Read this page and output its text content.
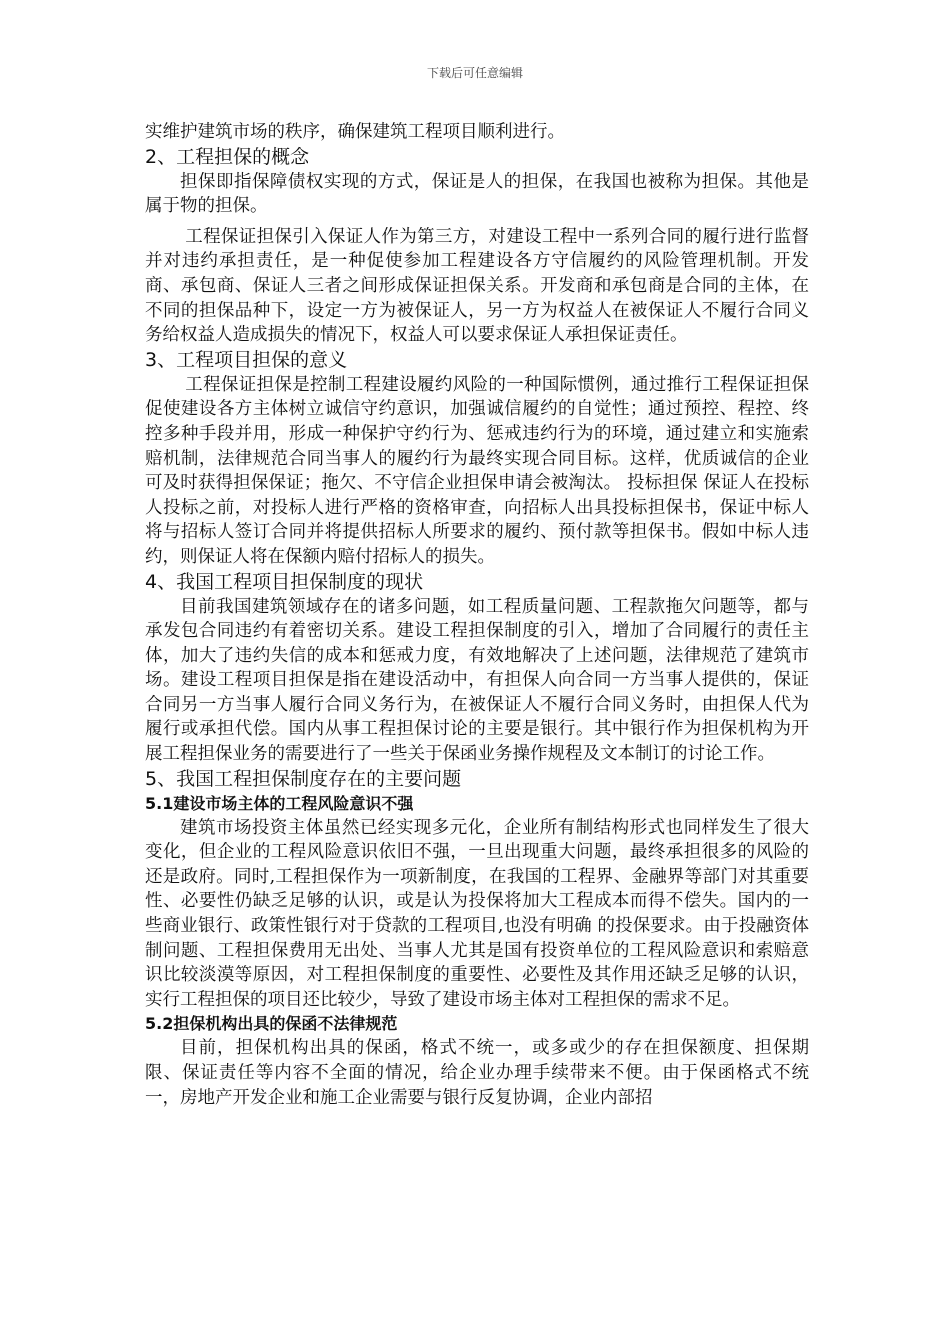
下载后可任意编辑

实维护建筑市场的秩序，确保建筑工程项目顺利进行。

2、工程担保的概念

担保即指保障债权实现的方式，保证是人的担保，在我国也被称为担保。其他是属于物的担保。

工程保证担保引入保证人作为第三方，对建设工程中一系列合同的履行进行监督并对违约承担责任，是一种促使参加工程建设各方守信履约的风险管理机制。开发商、承包商、保证人三者之间形成保证担保关系。开发商和承包商是合同的主体，在不同的担保品种下，设定一方为被保证人，另一方为权益人在被保证人不履行合同义务给权益人造成损失的情况下，权益人可以要求保证人承担保证责任。

3、工程项目担保的意义

工程保证担保是控制工程建设履约风险的一种国际惯例，通过推行工程保证担保促使建设各方主体树立诚信守约意识，加强诚信履约的自觉性；通过预控、程控、终控多种手段并用，形成一种保护守约行为、惩戒违约行为的环境，通过建立和实施索赔机制，法律规范合同当事人的履约行为最终实现合同目标。这样，优质诚信的企业可及时获得担保保证；拖欠、不守信企业担保申请会被淘汰。 投标担保 保证人在投标人投标之前，对投标人进行严格的资格审查，向招标人出具投标担保书，保证中标人将与招标人签订合同并将提供招标人所要求的履约、预付款等担保书。假如中标人违约，则保证人将在保额内赔付招标人的损失。

4、我国工程项目担保制度的现状

目前我国建筑领域存在的诸多问题，如工程质量问题、工程款拖欠问题等，都与承发包合同违约有着密切关系。建设工程担保制度的引入，增加了合同履行的责任主体，加大了违约失信的成本和惩戒力度，有效地解决了上述问题，法律规范了建筑市场。建设工程项目担保是指在建设活动中，有担保人向合同一方当事人提供的，保证合同另一方当事人履行合同义务行为，在被保证人不履行合同义务时，由担保人代为履行或承担代偿。国内从事工程担保讨论的主要是银行。其中银行作为担保机构为开展工程担保业务的需要进行了一些关于保函业务操作规程及文本制订的讨论工作。

5、我国工程担保制度存在的主要问题
5.1建设市场主体的工程风险意识不强

建筑市场投资主体虽然已经实现多元化，企业所有制结构形式也同样发生了很大变化，但企业的工程风险意识依旧不强，一旦出现重大问题，最终承担很多的风险的还是政府。同时,工程担保作为一项新制度，在我国的工程界、金融界等部门对其重要性、必要性仍缺乏足够的认识，或是认为投保将加大工程成本而得不偿失。国内的一些商业银行、政策性银行对于贷款的工程项目,也没有明确 的投保要求。由于投融资体制问题、工程担保费用无出处、当事人尤其是国有投资单位的工程风险意识和索赔意识比较淡漠等原因，对工程担保制度的重要性、必要性及其作用还缺乏足够的认识，实行工程担保的项目还比较少，导致了建设市场主体对工程担保的需求不足。

5.2担保机构出具的保函不法律规范

目前，担保机构出具的保函，格式不统一，或多或少的存在担保额度、担保期限、保证责任等内容不全面的情况，给企业办理手续带来不便。由于保函格式不统一，房地产开发企业和施工企业需要与银行反复协调，企业内部招
